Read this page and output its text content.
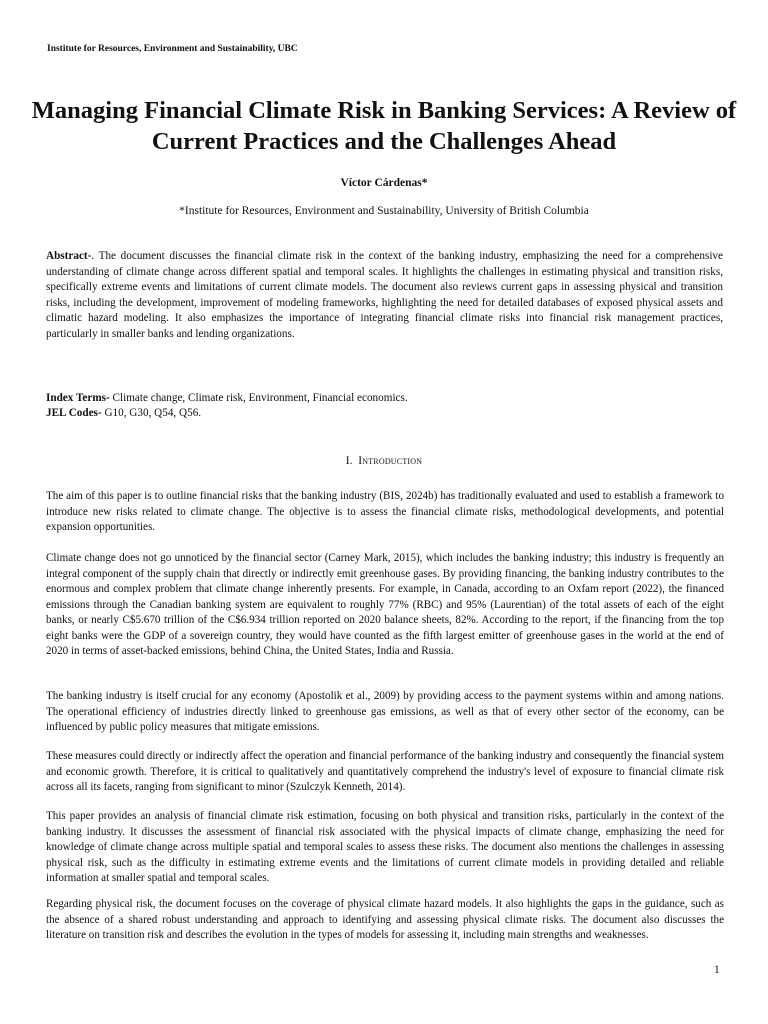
Institute for Resources, Environment and Sustainability, UBC
Managing Financial Climate Risk in Banking Services: A Review of Current Practices and the Challenges Ahead
Víctor Cárdenas*
*Institute for Resources, Environment and Sustainability, University of British Columbia

Abstract-. The document discusses the financial climate risk in the context of the banking industry, emphasizing the need for a comprehensive understanding of climate change across different spatial and temporal scales. It highlights the challenges in estimating physical and transition risks, specifically extreme events and limitations of current climate models. The document also reviews current gaps in assessing physical and transition risks, including the development, improvement of modeling frameworks, highlighting the need for detailed databases of exposed physical assets and climatic hazard modeling. It also emphasizes the importance of integrating financial climate risks into financial risk management practices, particularly in smaller banks and lending organizations.

Index Terms- Climate change, Climate risk, Environment, Financial economics.
JEL Codes- G10, G30, Q54, Q56.
I. Introduction

The aim of this paper is to outline financial risks that the banking industry (BIS, 2024b) has traditionally evaluated and used to establish a framework to introduce new risks related to climate change. The objective is to assess the financial climate risks, methodological developments, and potential expansion opportunities.

Climate change does not go unnoticed by the financial sector (Carney Mark, 2015), which includes the banking industry; this industry is frequently an integral component of the supply chain that directly or indirectly emit greenhouse gases. By providing financing, the banking industry contributes to the enormous and complex problem that climate change inherently presents. For example, in Canada, according to an Oxfam report (2022), the financed emissions through the Canadian banking system are equivalent to roughly 77% (RBC) and 95% (Laurentian) of the total assets of each of the eight banks, or nearly C$5.670 trillion of the C$6.934 trillion reported on 2020 balance sheets, 82%. According to the report, if the financing from the top eight banks were the GDP of a sovereign country, they would have counted as the fifth largest emitter of greenhouse gases in the world at the end of 2020 in terms of asset-backed emissions, behind China, the United States, India and Russia.

The banking industry is itself crucial for any economy (Apostolik et al., 2009) by providing access to the payment systems within and among nations. The operational efficiency of industries directly linked to greenhouse gas emissions, as well as that of every other sector of the economy, can be influenced by public policy measures that mitigate emissions.

These measures could directly or indirectly affect the operation and financial performance of the banking industry and consequently the financial system and economic growth. Therefore, it is critical to qualitatively and quantitatively comprehend the industry's level of exposure to financial climate risk across all its facets, ranging from significant to minor (Szulczyk Kenneth, 2014).

This paper provides an analysis of financial climate risk estimation, focusing on both physical and transition risks, particularly in the context of the banking industry. It discusses the assessment of financial risk associated with the physical impacts of climate change, emphasizing the need for knowledge of climate change across multiple spatial and temporal scales to assess these risks. The document also mentions the challenges in assessing physical risk, such as the difficulty in estimating extreme events and the limitations of current climate models in providing detailed and reliable information at smaller spatial and temporal scales.

Regarding physical risk, the document focuses on the coverage of physical climate hazard models. It also highlights the gaps in the guidance, such as the absence of a shared robust understanding and approach to identifying and assessing physical climate risks. The document also discusses the literature on transition risk and describes the evolution in the types of models for assessing it, including main strengths and weaknesses.

1
